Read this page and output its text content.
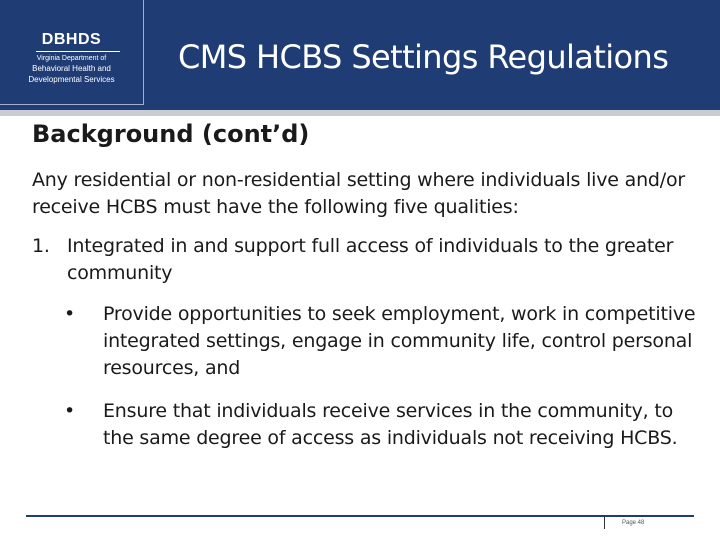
DBHDS
Virginia Department of
Behavioral Health and
Developmental Services
CMS HCBS Settings Regulations
Background (cont’d)
Any residential or non-residential setting where individuals live and/or receive HCBS must have the following five qualities:
1. Integrated in and support full access of individuals to the greater community
• Provide opportunities to seek employment, work in competitive integrated settings, engage in community life, control personal resources, and
• Ensure that individuals receive services in the community, to the same degree of access as individuals not receiving HCBS.
Page 48
